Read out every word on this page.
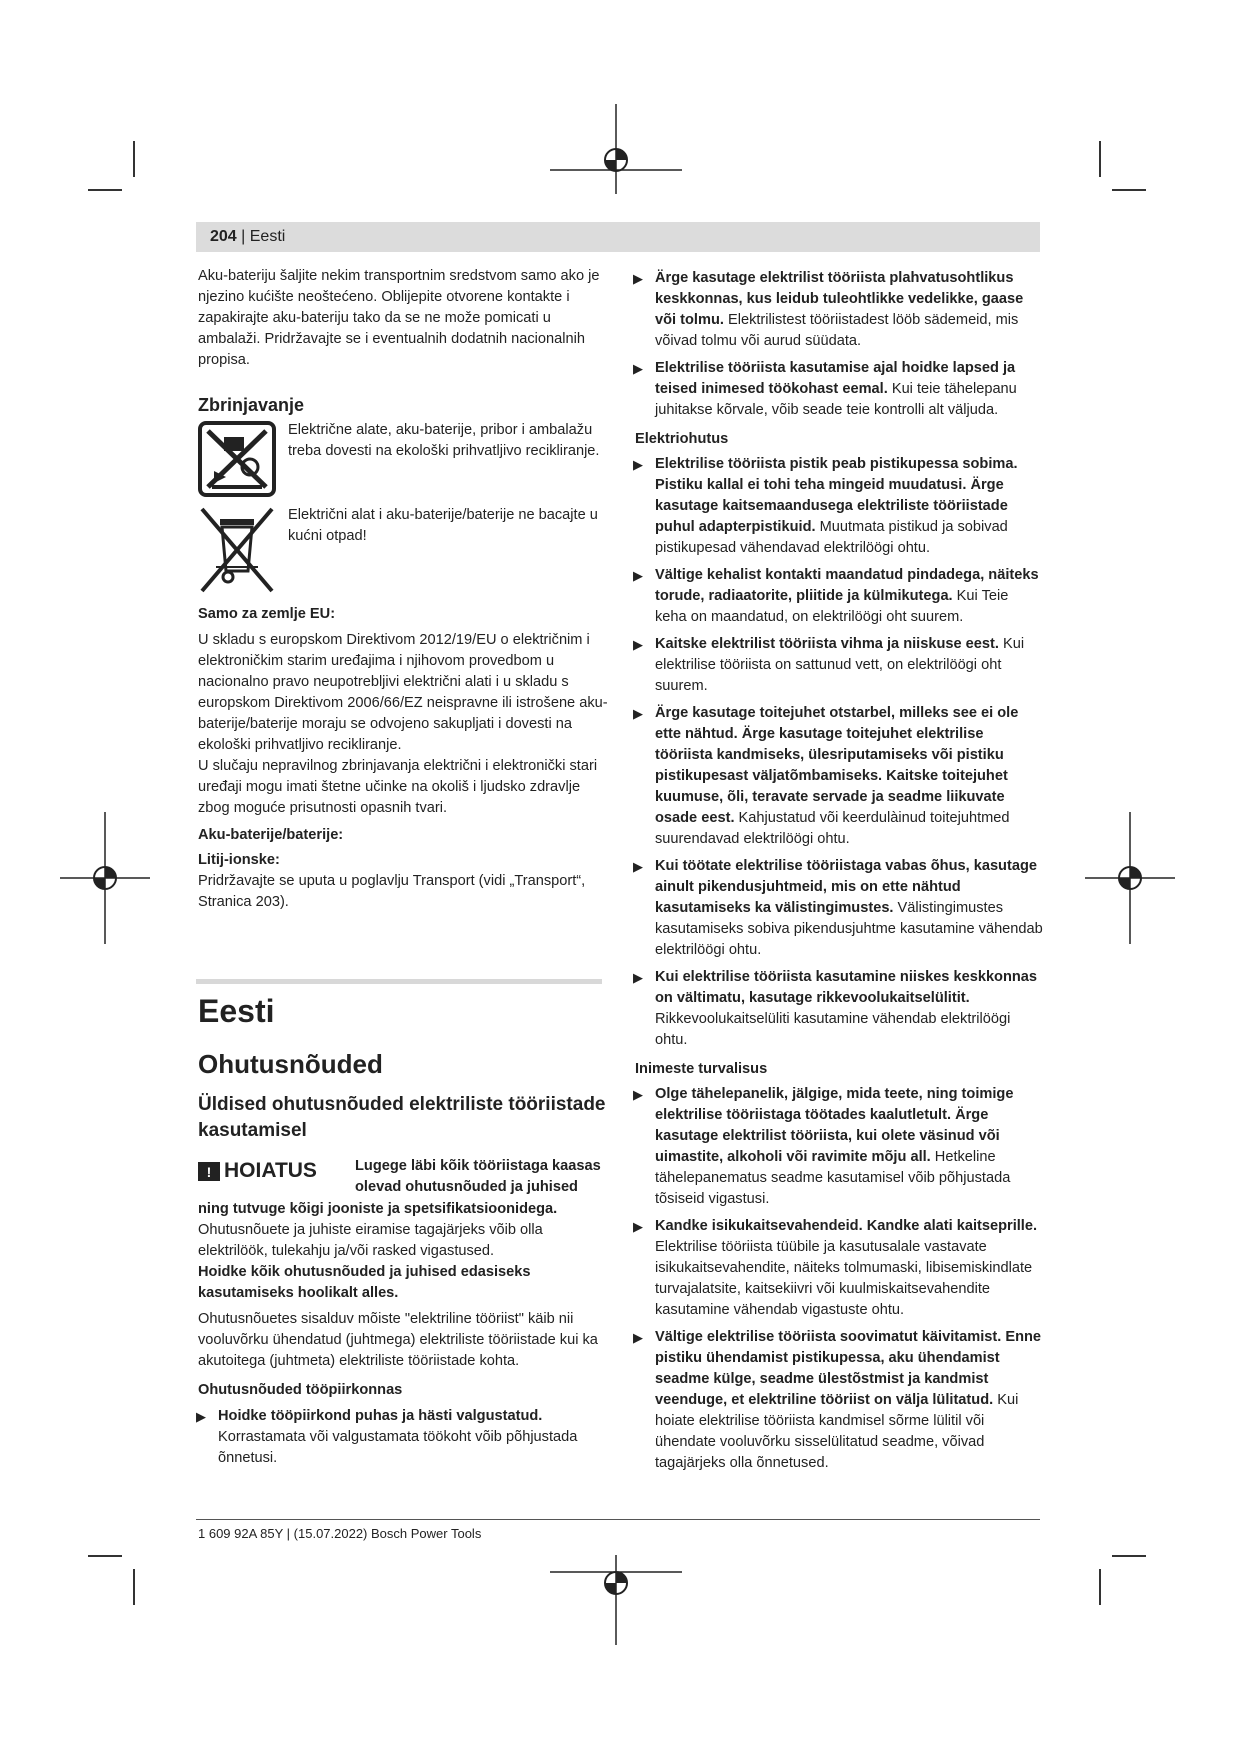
204 | Eesti

Aku-bateriju šaljite nekim transportnim sredstvom samo ako je njezino kućište neoštećeno. Oblijepite otvorene kontakte i zapakirajte aku-bateriju tako da se ne može pomicati u ambalaži. Pridržavajte se i eventualnih dodatnih nacionalnih propisa.

Zbrinjavanje
Električne alate, aku-baterije, pribor i ambalažu treba dovesti na ekološki prihvatljivo recikliranje.
Električni alat i aku-baterije/baterije ne bacajte u kućni otpad!
Samo za zemlje EU:

U skladu s europskom Direktivom 2012/19/EU o električnim i elektroničkim starim uređajima i njihovom provedbom u nacionalno pravo neupotrebljivi električni alati i u skladu s europskom Direktivom 2006/66/EZ neispravne ili istrošene aku-baterije/baterije moraju se odvojeno sakupljati i dovesti na ekološki prihvatljivo recikliranje.

U slučaju nepravilnog zbrinjavanja električni i elektronički stari uređaji mogu imati štetne učinke na okoliš i ljudsko zdravlje zbog moguće prisutnosti opasnih tvari.

Aku-baterije/baterije:
Litij-ionske:

Pridržavajte se uputa u poglavlju Transport (vidi „Transport“, Stranica 203).

Eesti
Ohutusnõuded
Üldised ohutusnõuded elektriliste tööriistade kasutamisel
! HOIATUS	Lugege läbi kõik tööriistaga kaasas olevad ohutusnõuded ja juhised

ning tutvuge kõigi jooniste ja spetsifikatsioonidega.

Ohutusnõuete ja juhiste eiramise tagajärjeks võib olla elektrilöök, tulekahju ja/või rasked vigastused.

Hoidke kõik ohutusnõuded ja juhised edasiseks kasutamiseks hoolikalt alles.

Ohutusnõuetes sisalduv mõiste "elektriline tööriist" käib nii vooluvõrku ühendatud (juhtmega) elektriliste tööriistade kui ka akutoitega (juhtmeta) elektriliste tööriistade kohta.

Ohutusnõuded tööpiirkonnas
▶ Hoidke tööpiirkond puhas ja hästi valgustatud.
Korrastamata või valgustamata töökoht võib põhjustada õnnetusi.
▶ Ärge kasutage elektrilist tööriista plahvatusohtlikus keskkonnas, kus leidub tuleohtlikke vedelikke, gaase või tolmu. Elektrilistest tööriistadest lööb sädemeid, mis võivad tolmu või aurud süüdata.
▶ Elektrilise tööriista kasutamise ajal hoidke lapsed ja teised inimesed töökohast eemal. Kui teie tähelepanu juhitakse kõrvale, võib seade teie kontrolli alt väljuda.
Elektriohutus
▶ Elektrilise tööriista pistik peab pistikupessa sobima. Pistiku kallal ei tohi teha mingeid muudatusi. Ärge kasutage kaitsemaandusega elektriliste tööriistade puhul adapterpistikuid. Muutmata pistikud ja sobivad pistikupesad vähendavad elektrilöögi ohtu.
▶ Vältige kehalist kontakti maandatud pindadega, näiteks torude, radiaatorite, pliitide ja külmikutega. Kui Teie keha on maandatud, on elektrilöögi oht suurem.
▶ Kaitske elektrilist tööriista vihma ja niiskuse eest. Kui elektrilise tööriista on sattunud vett, on elektrilöögi oht suurem.
▶ Ärge kasutage toitejuhet otstarbel, milleks see ei ole ette nähtud. Ärge kasutage toitejuhet elektrilise tööriista kandmiseks, ülesriputamiseks või pistiku pistikupesast väljatõmbamiseks. Kaitske toitejuhet kuumuse, õli, teravate servade ja seadme liikuvate osade eest. Kahjustatud või keerdulàinud toitejuhtmed suurendavad elektrilöögi ohtu.
▶ Kui töötate elektrilise tööriistaga vabas õhus, kasutage ainult pikendusjuhtmeid, mis on ette nähtud kasutamiseks ka välistingimustes. Välistingimustes kasutamiseks sobiva pikendusjuhtme kasutamine vähendab elektrilöögi ohtu.
▶ Kui elektrilise tööriista kasutamine niiskes keskkonnas on vältimatu, kasutage rikkevoolukaitselülitit. Rikkevoolukaitselüliti kasutamine vähendab elektrilöögi ohtu.
Inimeste turvalisus
▶ Olge tähelepanelik, jälgige, mida teete, ning toimige elektrilise tööriistaga töötades kaalutletult. Ärge kasutage elektrilist tööriista, kui olete väsinud või uimastite, alkoholi või ravimite mõju all. Hetkeline tähelepanematus seadme kasutamisel võib põhjustada tõsiseid vigastusi.
▶ Kandke isikukaitsevahendeid. Kandke alati kaitseprille. Elektrilise tööriista tüübile ja kasutusalale vastavate isikukaitsevahendite, näiteks tolmumaski, libisemiskindlate turvajalatsite, kaitsekiivri või kuulmiskaitsevahendite kasutamine vähendab vigastuste ohtu.
▶ Vältige elektrilise tööriista soovimatut käivitamist. Enne pistiku ühendamist pistikupessa, aku ühendamist seadme külge, seadme ülestõstmist ja kandmist veenduge, et elektriline tööriist on välja lülitatud. Kui hoiate elektrilise tööriista kandmisel sõrme lülitil või ühendate vooluvõrku sisselülitatud seadme, võivad tagajärjeks olla õnnetused.
1 609 92A 85Y | (15.07.2022) Bosch Power Tools
